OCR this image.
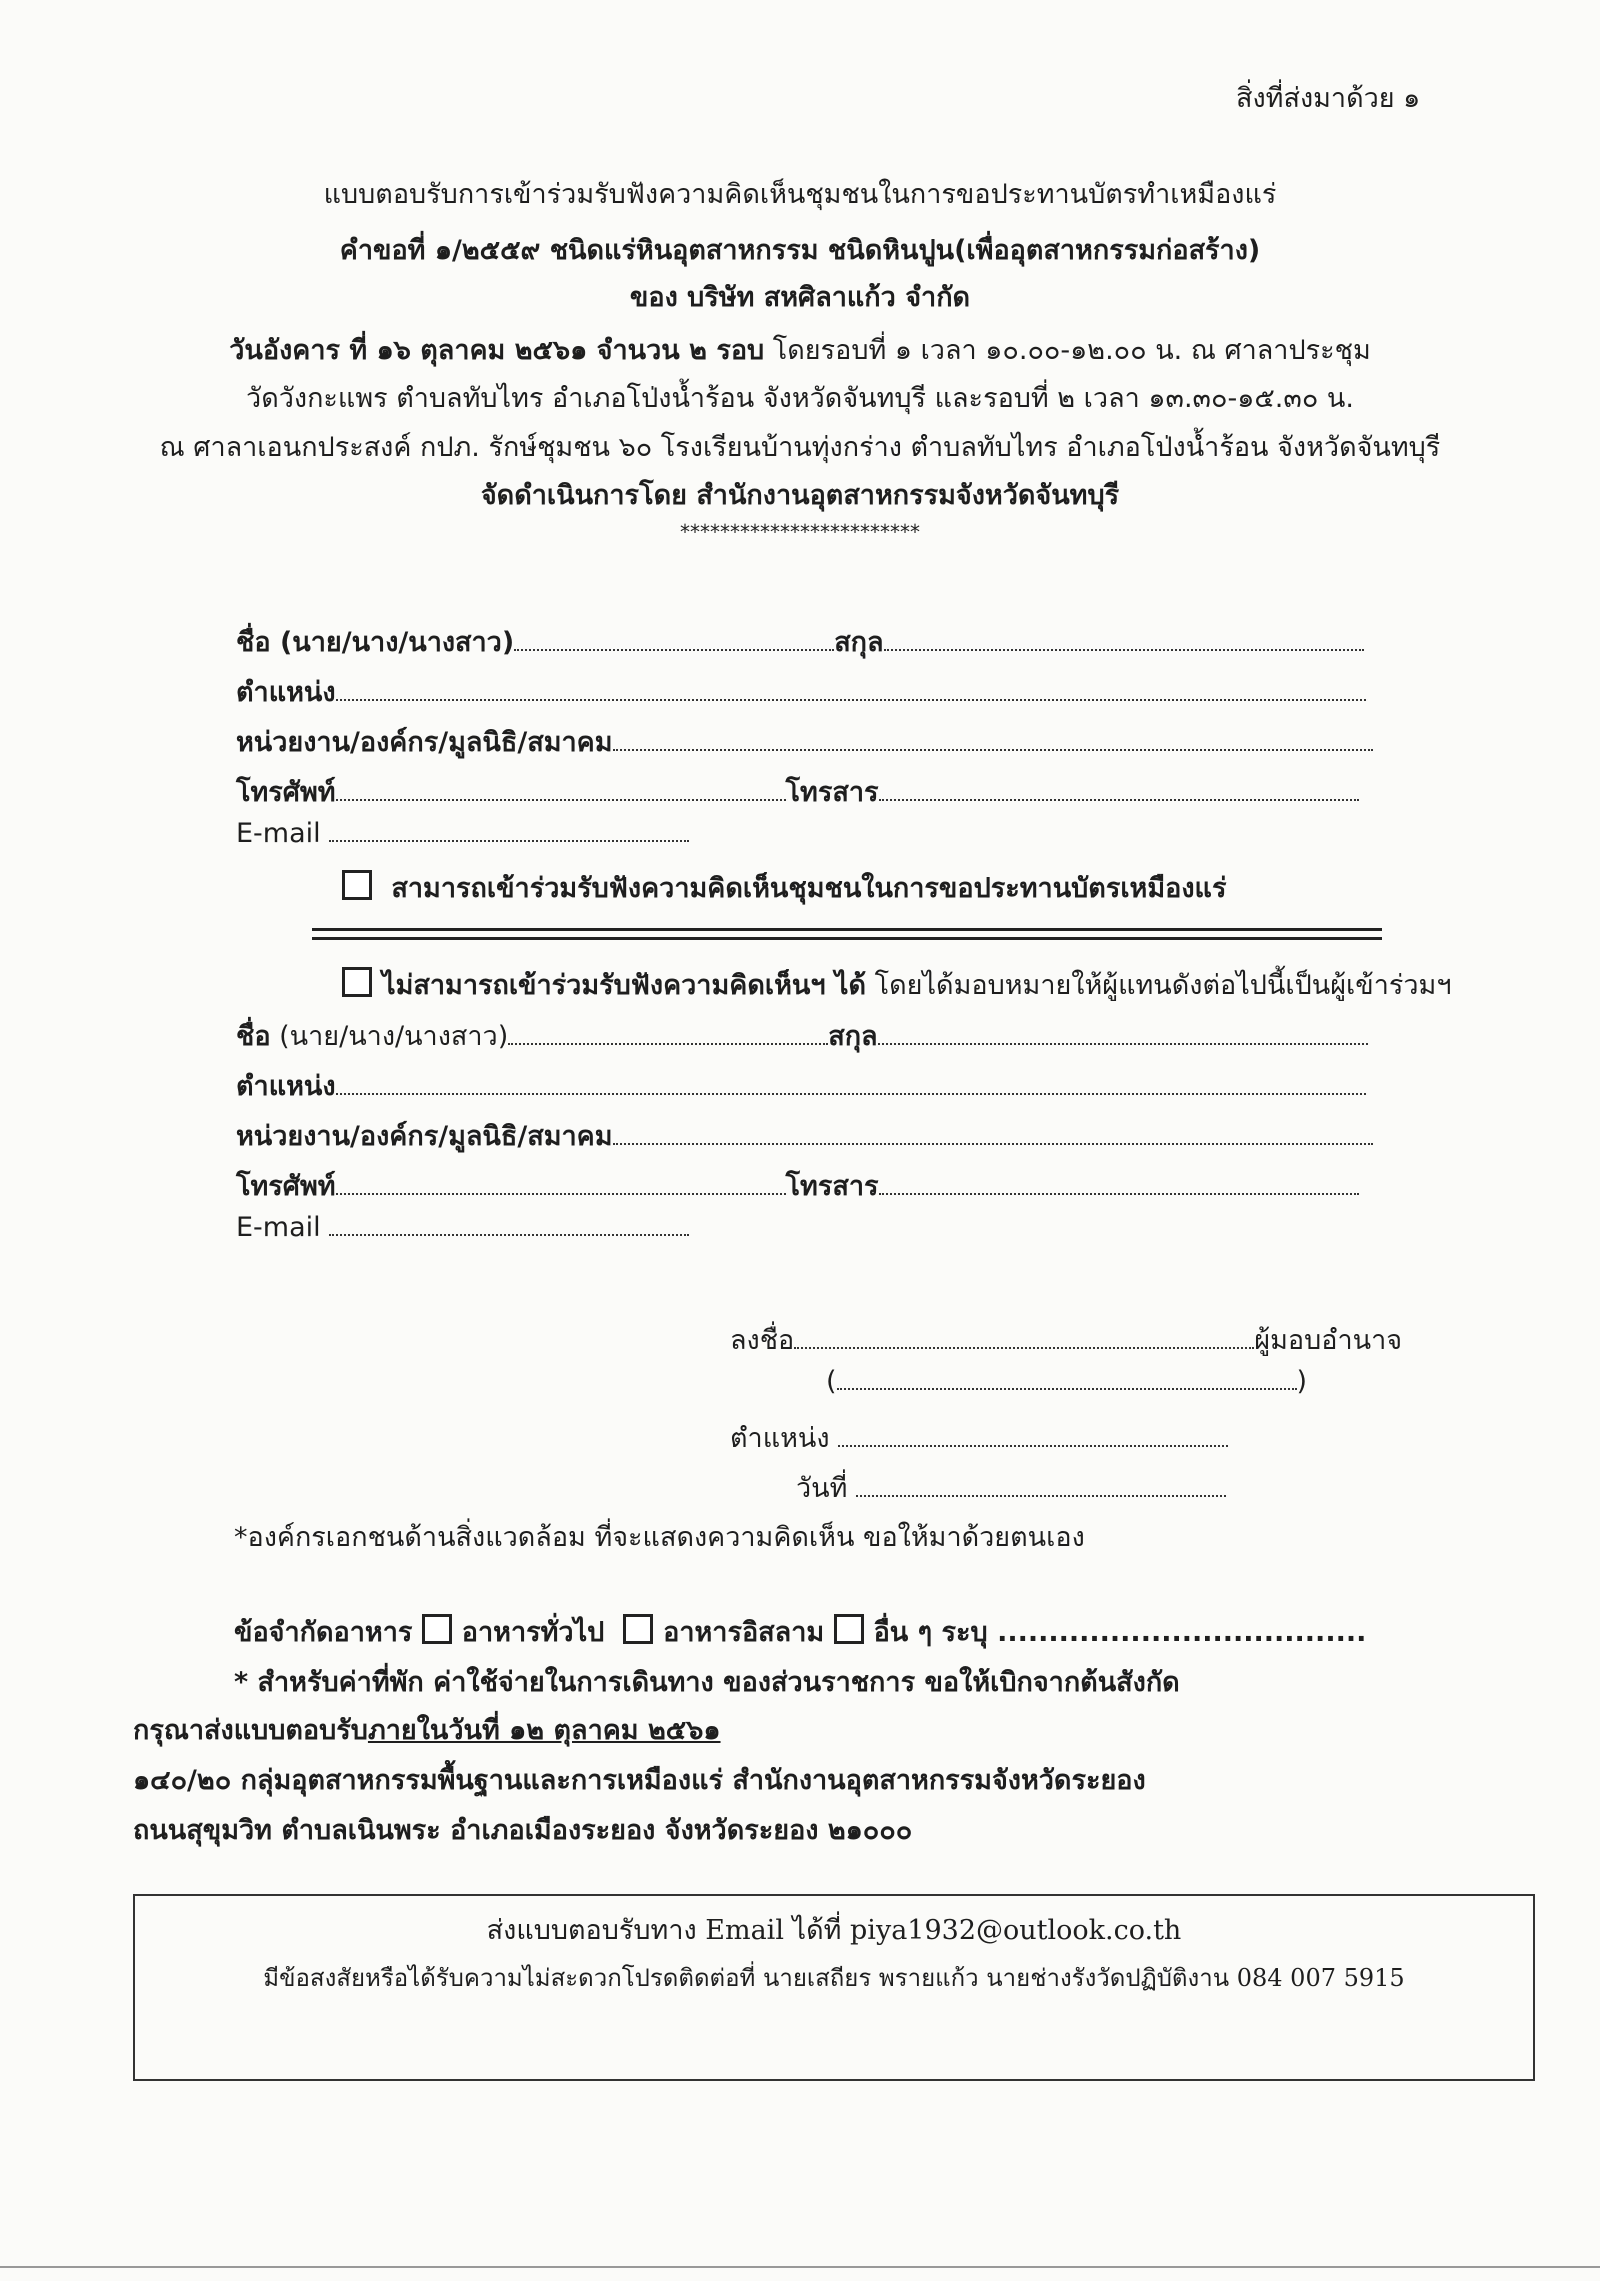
สิ่งที่ส่งมาด้วย ๑
แบบตอบรับการเข้าร่วมรับฟังความคิดเห็นชุมชนในการขอประทานบัตรทำเหมืองแร่
คำขอที่ ๑/๒๕๕๙ ชนิดแร่หินอุตสาหกรรม ชนิดหินปูน(เพื่ออุตสาหกรรมก่อสร้าง)
ของ บริษัท สหศิลาแก้ว จำกัด
วันอังคาร ที่ ๑๖ ตุลาคม ๒๕๖๑ จำนวน ๒ รอบ โดยรอบที่ ๑ เวลา ๑๐.๐๐-๑๒.๐๐ น. ณ ศาลาประชุม
วัดวังกะแพร ตำบลทับไทร อำเภอโป่งน้ำร้อน จังหวัดจันทบุรี และรอบที่ ๒ เวลา ๑๓.๓๐-๑๕.๓๐ น.
ณ ศาลาเอนกประสงค์ กปภ. รักษ์ชุมชน ๖๐ โรงเรียนบ้านทุ่งกร่าง ตำบลทับไทร อำเภอโป่งน้ำร้อน จังหวัดจันทบุรี
จัดดำเนินการโดย สำนักงานอุตสาหกรรมจังหวัดจันทบุรี
************************
ชื่อ (นาย/นาง/นางสาว)	สกุล
ตำแหน่ง
หน่วยงาน/องค์กร/มูลนิธิ/สมาคม
โทรศัพท์	โทรสาร
E-mail
สามารถเข้าร่วมรับฟังความคิดเห็นชุมชนในการขอประทานบัตรเหมืองแร่
ไม่สามารถเข้าร่วมรับฟังความคิดเห็นฯ ได้ โดยได้มอบหมายให้ผู้แทนดังต่อไปนี้เป็นผู้เข้าร่วมฯ
ชื่อ (นาย/นาง/นางสาว)	สกุล
ตำแหน่ง
หน่วยงาน/องค์กร/มูลนิธิ/สมาคม
โทรศัพท์	โทรสาร
E-mail
ลงชื่อ	ผู้มอบอำนาจ
(	)
ตำแหน่ง
วันที่
*องค์กรเอกชนด้านสิ่งแวดล้อม ที่จะแสดงความคิดเห็น ขอให้มาด้วยตนเอง
ข้อจำกัดอาหาร อาหารทั่วไป อาหารอิสลาม อื่น ๆ ระบุ ....................................
* สำหรับค่าที่พัก ค่าใช้จ่ายในการเดินทาง ของส่วนราชการ ขอให้เบิกจากต้นสังกัด
กรุณาส่งแบบตอบรับภายในวันที่ ๑๒ ตุลาคม ๒๕๖๑
๑๔๐/๒๐ กลุ่มอุตสาหกรรมพื้นฐานและการเหมืองแร่ สำนักงานอุตสาหกรรมจังหวัดระยอง
ถนนสุขุมวิท ตำบลเนินพระ อำเภอเมืองระยอง จังหวัดระยอง ๒๑๐๐๐
ส่งแบบตอบรับทาง Email ได้ที่ piya1932@outlook.co.th
มีข้อสงสัยหรือได้รับความไม่สะดวกโปรดติดต่อที่ นายเสถียร พรายแก้ว นายช่างรังวัดปฏิบัติงาน 084 007 5915
